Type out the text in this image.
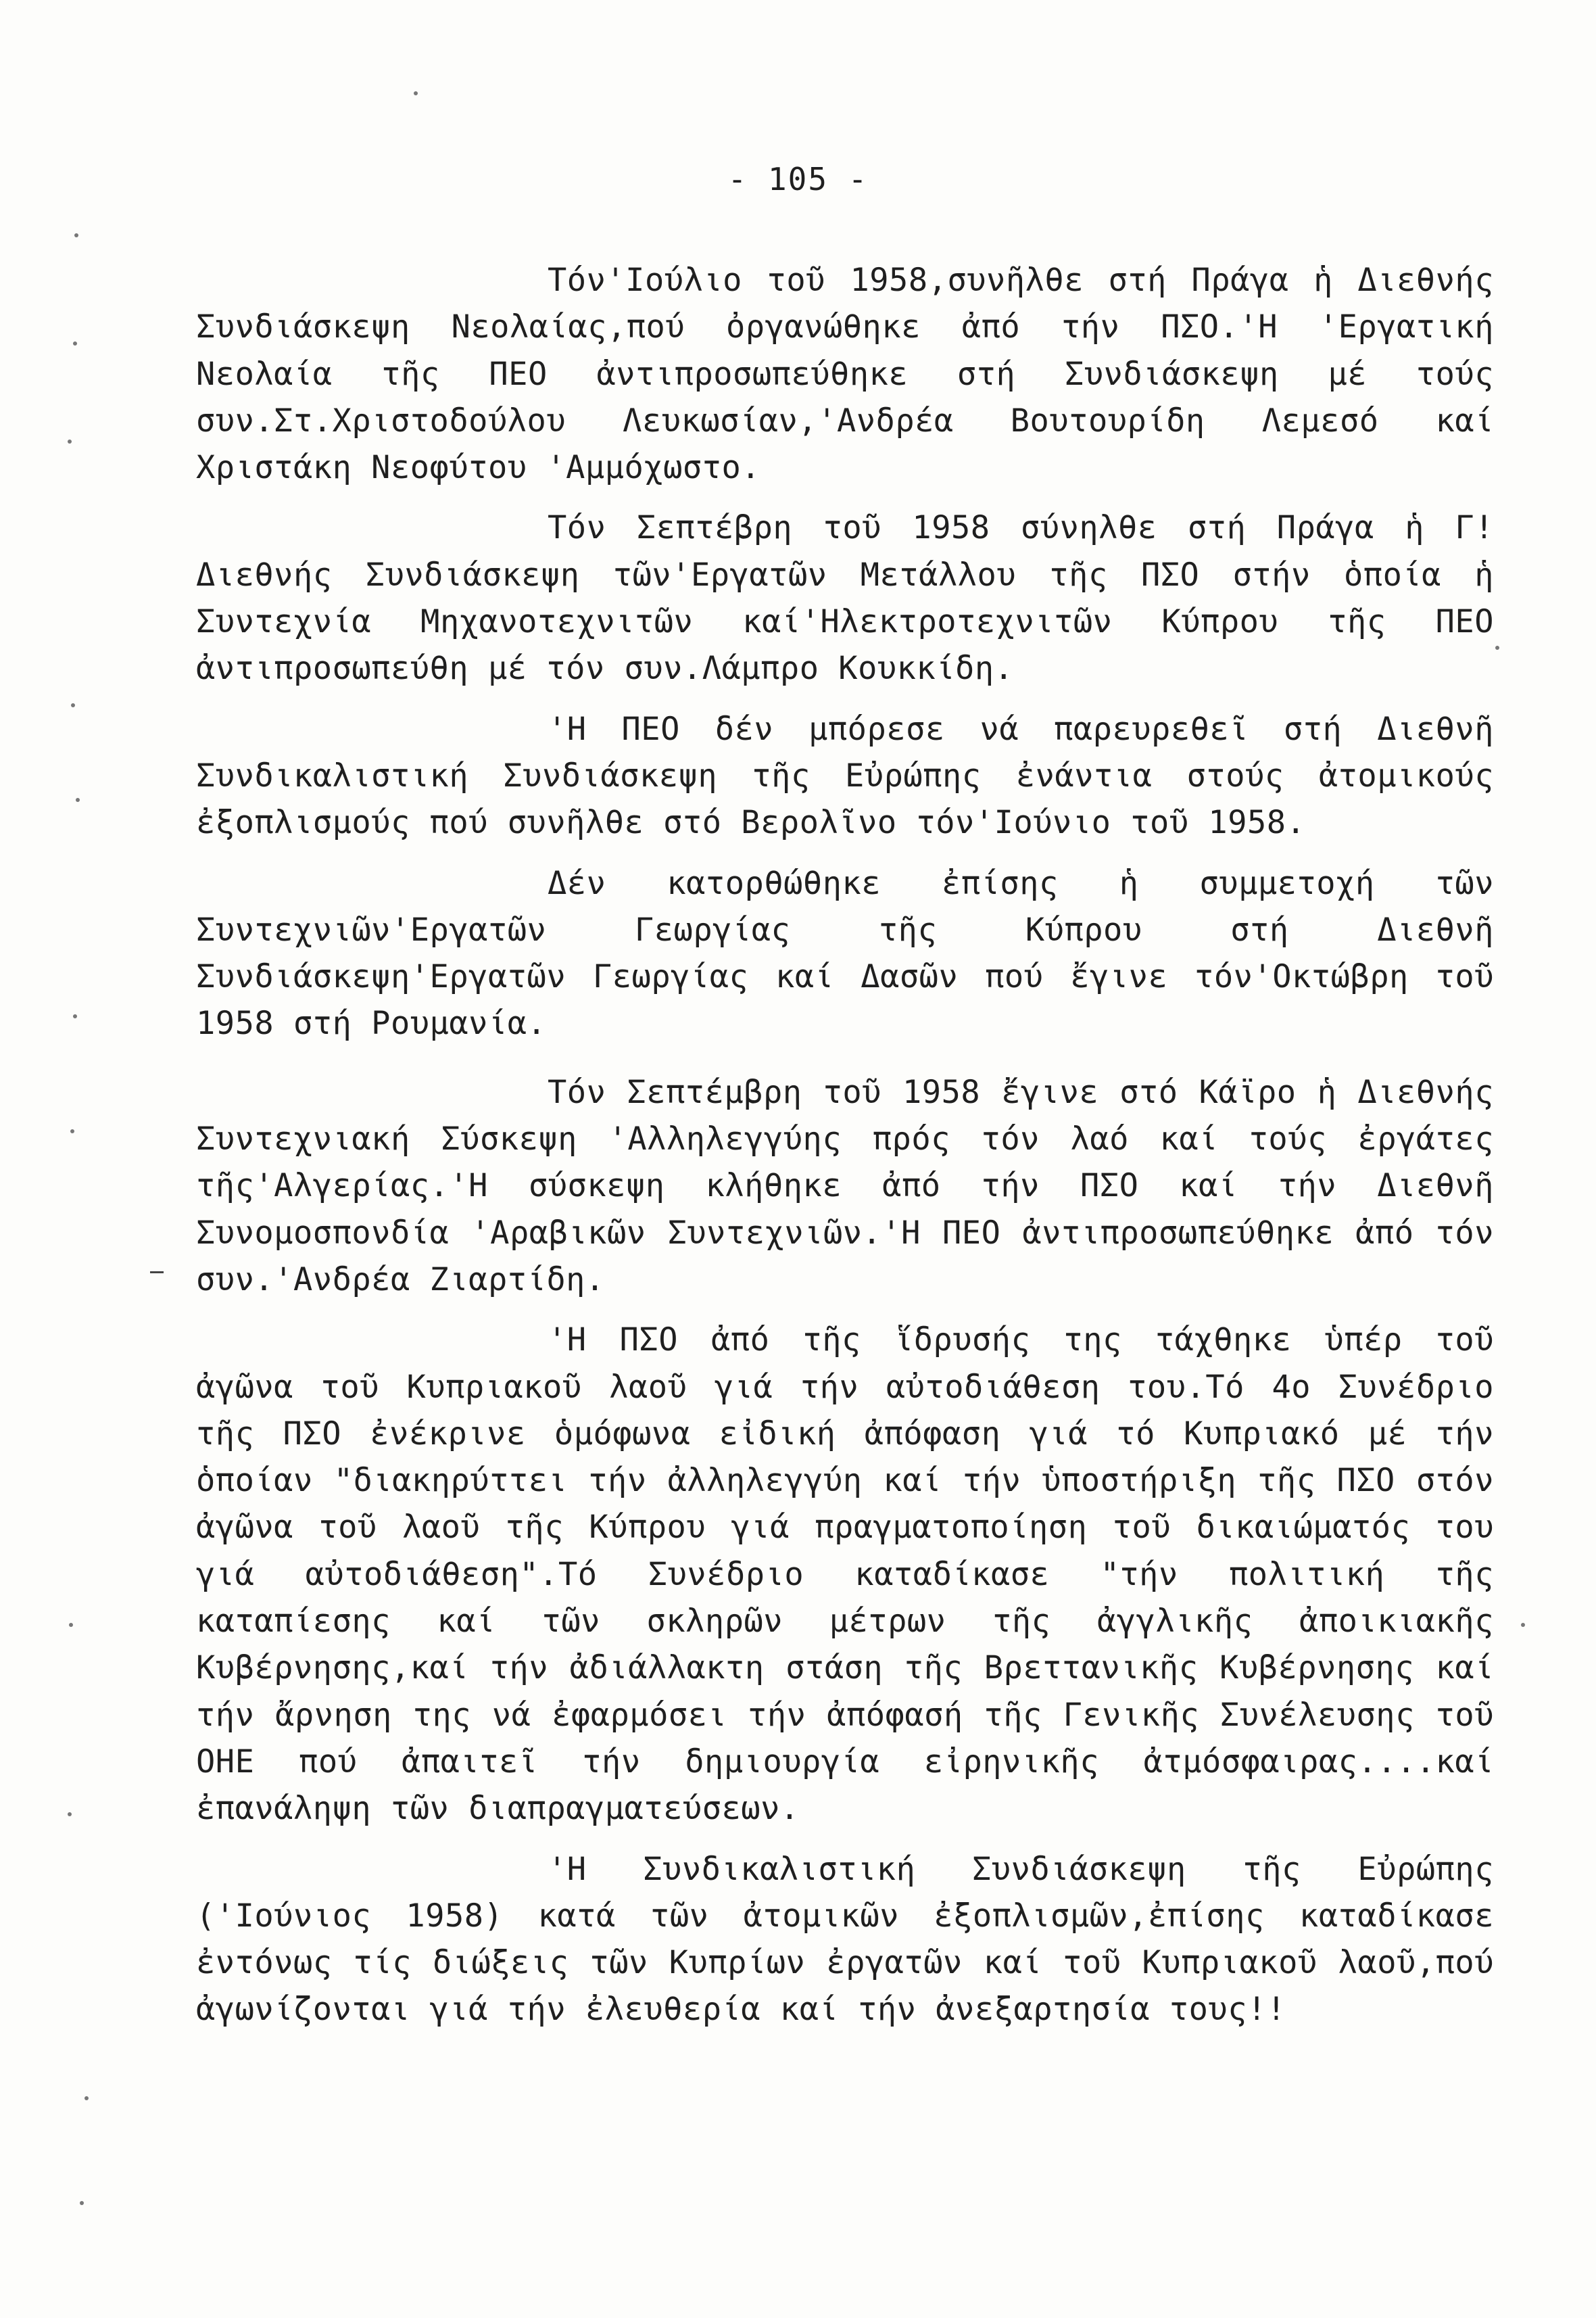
- 105 -

Τόν'Ιούλιο τοῦ 1958,συνῆλθε στή Πράγα ἡ Διεθνής Συνδιάσκεψη Νεολαίας,πού ὀργανώθηκε ἀπό τήν ΠΣΟ.'Η 'Εργατική Νεολαία τῆς ΠΕΟ ἀντιπροσωπεύθηκε στή Συνδιάσκεψη μέ τούς συν.Στ.Χριστοδούλου Λευκωσίαν,'Ανδρέα Βουτουρίδη Λεμεσό καί Χριστάκη Νεοφύτου 'Αμμόχωστο.

Τόν Σεπτέβρη τοῦ 1958 σύνηλθε στή Πράγα ἡ Γ! Διεθνής Συνδιάσκεψη τῶν'Εργατῶν Μετάλλου τῆς ΠΣΟ στήν ὁποία ἡ Συντεχνία Μηχανοτεχνιτῶν καί'Ηλεκτροτεχνιτῶν Κύπρου τῆς ΠΕΟ ἀντιπροσωπεύθη μέ τόν συν.Λάμπρο Κουκκίδη.

'Η ΠΕΟ δέν μπόρεσε νά παρευρεθεῖ στή Διεθνῆ Συνδικαλιστική Συνδιάσκεψη τῆς Εὐρώπης ἐνάντια στούς ἀτομικούς ἐξοπλισμούς πού συνῆλθε στό Βερολῖνο τόν'Ιούνιο τοῦ 1958.

Δέν κατορθώθηκε ἐπίσης ἡ συμμετοχή τῶν Συντεχνιῶν'Εργατῶν Γεωργίας τῆς Κύπρου στή Διεθνῆ Συνδιάσκεψη'Εργατῶν Γεωργίας καί Δασῶν πού ἔγινε τόν'Οκτώβρη τοῦ 1958 στή Ρουμανία.

Τόν Σεπτέμβρη τοῦ 1958 ἔγινε στό Κάϊρο ἡ Διεθνής Συντεχνιακή Σύσκεψη 'Αλληλεγγύης πρός τόν λαό καί τούς ἐργάτες τῆς'Αλγερίας.'Η σύσκεψη κλήθηκε ἀπό τήν ΠΣΟ καί τήν Διεθνῆ Συνομοσπονδία 'Αραβικῶν Συντεχνιῶν.'Η ΠΕΟ ἀντιπροσωπεύθηκε ἀπό τόν συν.'Ανδρέα Ζιαρτίδη.

'Η ΠΣΟ ἀπό τῆς ἵδρυσής της τάχθηκε ὑπέρ τοῦ ἀγῶνα τοῦ Κυπριακοῦ λαοῦ γιά τήν αὐτοδιάθεση του.Τό 4ο Συνέδριο τῆς ΠΣΟ ἐνέκρινε ὁμόφωνα εἰδική ἀπόφαση γιά τό Κυπριακό μέ τήν ὁποίαν "διακηρύττει τήν ἀλληλεγγύη καί τήν ὑποστήριξη τῆς ΠΣΟ στόν ἀγῶνα τοῦ λαοῦ τῆς Κύπρου γιά πραγματοποίηση τοῦ δικαιώματός του γιά αὐτοδιάθεση".Τό Συνέδριο καταδίκασε "τήν πολιτική τῆς καταπίεσης καί τῶν σκληρῶν μέτρων τῆς ἀγγλικῆς ἀποικιακῆς Κυβέρνησης,καί τήν ἀδιάλλακτη στάση τῆς Βρεττανικῆς Κυβέρνησης καί τήν ἄρνηση της νά ἐφαρμόσει τήν ἀπόφασή τῆς Γενικῆς Συνέλευσης τοῦ ΟΗΕ πού ἀπαιτεῖ τήν δημιουργία εἰρηνικῆς ἀτμόσφαιρας....καί ἐπανάληψη τῶν διαπραγματεύσεων.

'Η Συνδικαλιστική Συνδιάσκεψη τῆς Εὐρώπης ('Ιούνιος 1958) κατά τῶν ἀτομικῶν ἐξοπλισμῶν,ἐπίσης καταδίκασε ἐντόνως τίς διώξεις τῶν Κυπρίων ἐργατῶν καί τοῦ Κυπριακοῦ λαοῦ,πού ἀγωνίζονται γιά τήν ἐλευθερία καί τήν ἀνεξαρτησία τους!!
